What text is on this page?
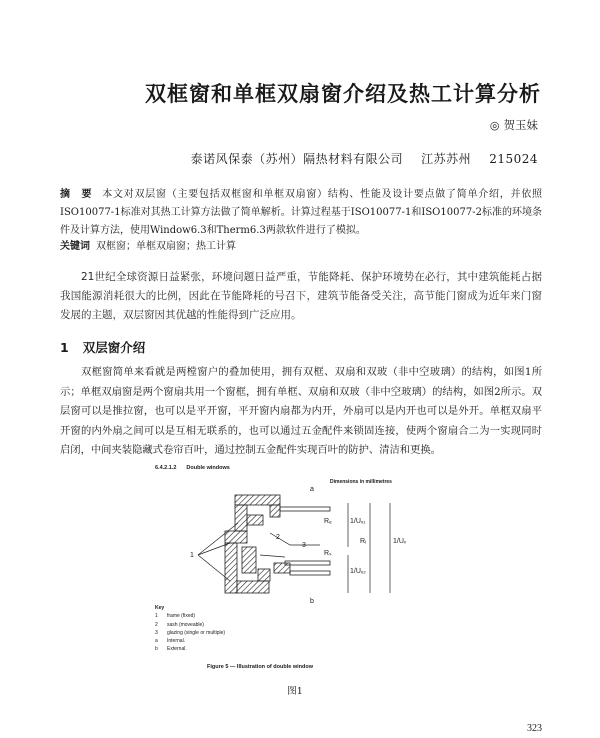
双框窗和单框双扇窗介绍及热工计算分析
◎ 贺玉妹
泰诺风保泰（苏州）隔热材料有限公司 江苏苏州 215024
摘　要 本文对双层窗（主要包括双框窗和单框双扇窗）结构、性能及设计要点做了简单介绍，并依照ISO10077-1标准对其热工计算方法做了简单解析。计算过程基于ISO10077-1和ISO10077-2标准的环境条件及计算方法，使用Window6.3和Therm6.3两款软件进行了模拟。
关键词 双框窗；单框双扇窗；热工计算
21世纪全球资源日益紧张，环境问题日益严重，节能降耗、保护环境势在必行，其中建筑能耗占据我国能源消耗很大的比例，因此在节能降耗的号召下，建筑节能备受关注，高节能门窗成为近年来门窗发展的主题，双层窗因其优越的性能得到广泛应用。
1 双层窗介绍
双框窗简单来看就是两樘窗户的叠加使用，拥有双框、双扇和双玻（非中空玻璃）的结构，如图1所示；单框双扇窗是两个窗扇共用一个窗框，拥有单框、双扇和双玻（非中空玻璃）的结构，如图2所示。双层窗可以是推拉窗，也可以是平开窗，平开窗内扇都为内开，外扇可以是内开也可以是外开。单框双扇平开窗的内外扇之间可以是互相无联系的，也可以通过五金配件来锁固连接，使两个窗扇合二为一实现同时启闭，中间夹装隐藏式卷帘百叶，通过控制五金配件实现百叶的防护、清洁和更换。
6.4.2.1.2 Double windows
Dimensions in millimetres
a
b
1
2
3
Rₑ
Rᵢ
Rₛ
1/Uᵥ₁
1/Uᵥ₂
1/Uᵥ
Key
1 frame (fixed)
2 sash (moveable)
3 glazing (single or multiple)
a Internal.
b External.
Figure 5 — Illustration of double window
图1
323
